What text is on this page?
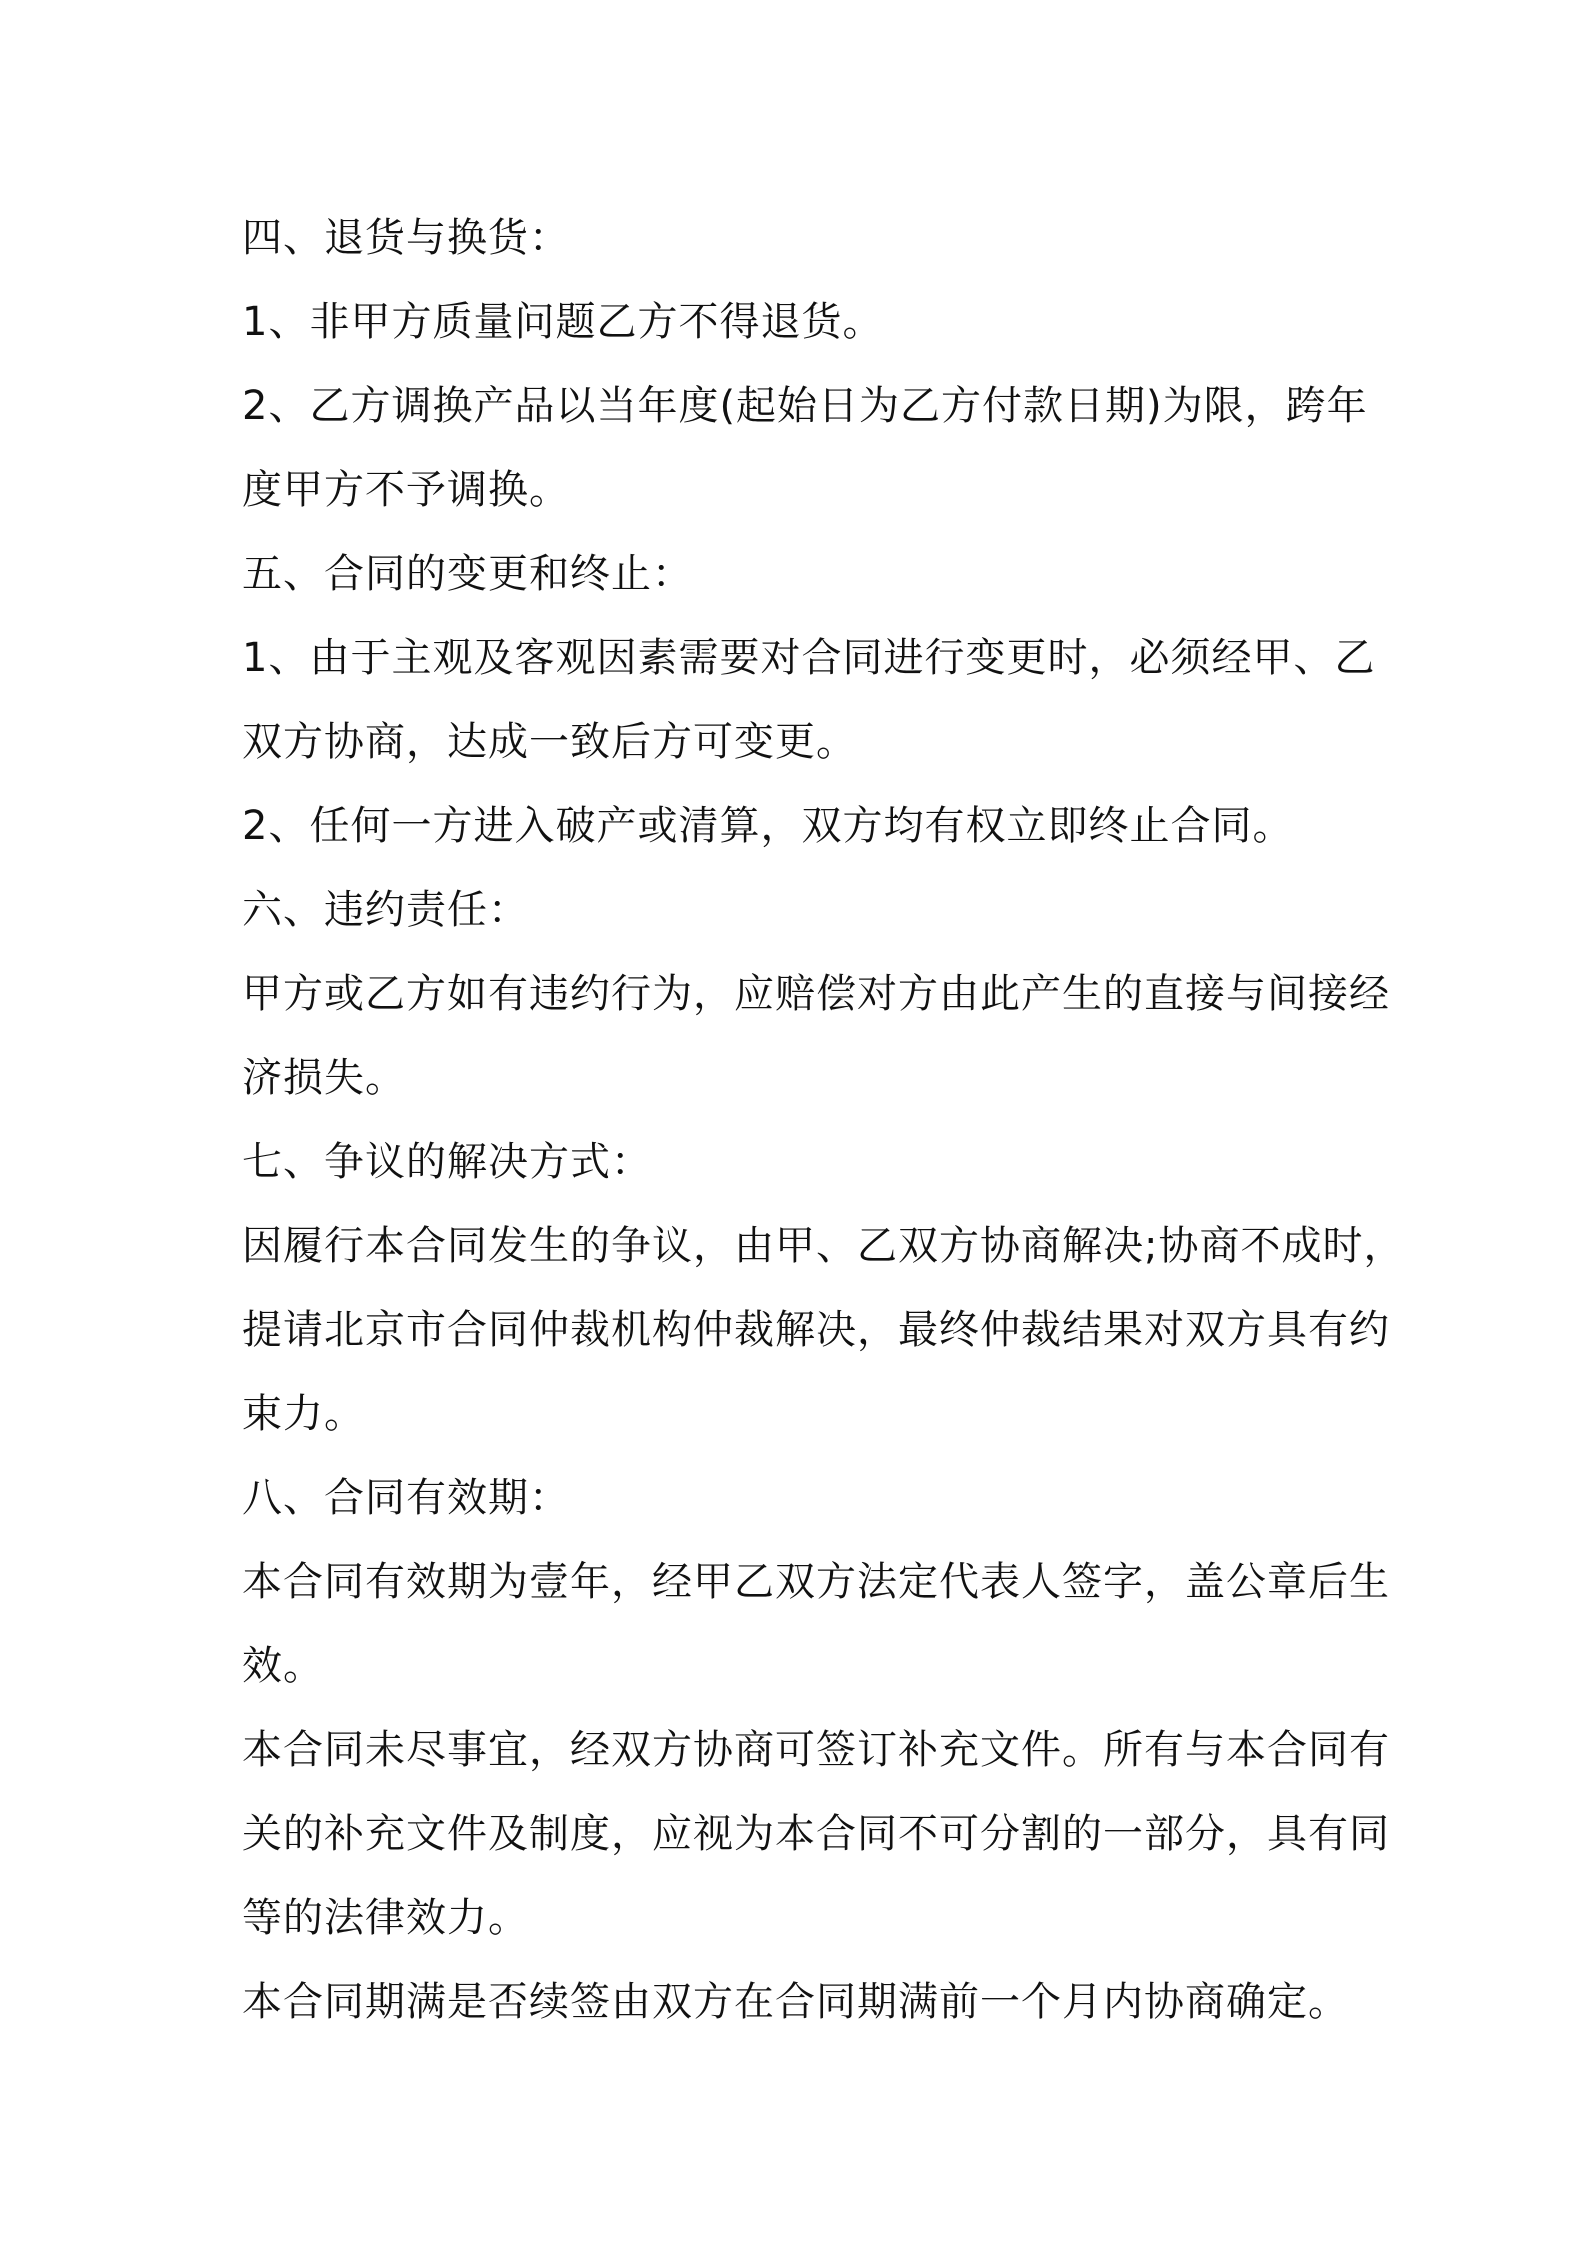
四、退货与换货：
1、非甲方质量问题乙方不得退货。
2、乙方调换产品以当年度(起始日为乙方付款日期)为限，跨年
度甲方不予调换。
五、合同的变更和终止：
1、由于主观及客观因素需要对合同进行变更时，必须经甲、乙
双方协商，达成一致后方可变更。
2、任何一方进入破产或清算，双方均有权立即终止合同。
六、违约责任：
甲方或乙方如有违约行为，应赔偿对方由此产生的直接与间接经
济损失。
七、争议的解决方式：
因履行本合同发生的争议，由甲、乙双方协商解决;协商不成时，
提请北京市合同仲裁机构仲裁解决，最终仲裁结果对双方具有约
束力。
八、合同有效期：
本合同有效期为壹年，经甲乙双方法定代表人签字，盖公章后生
效。
本合同未尽事宜，经双方协商可签订补充文件。所有与本合同有
关的补充文件及制度，应视为本合同不可分割的一部分，具有同
等的法律效力。
本合同期满是否续签由双方在合同期满前一个月内协商确定。
